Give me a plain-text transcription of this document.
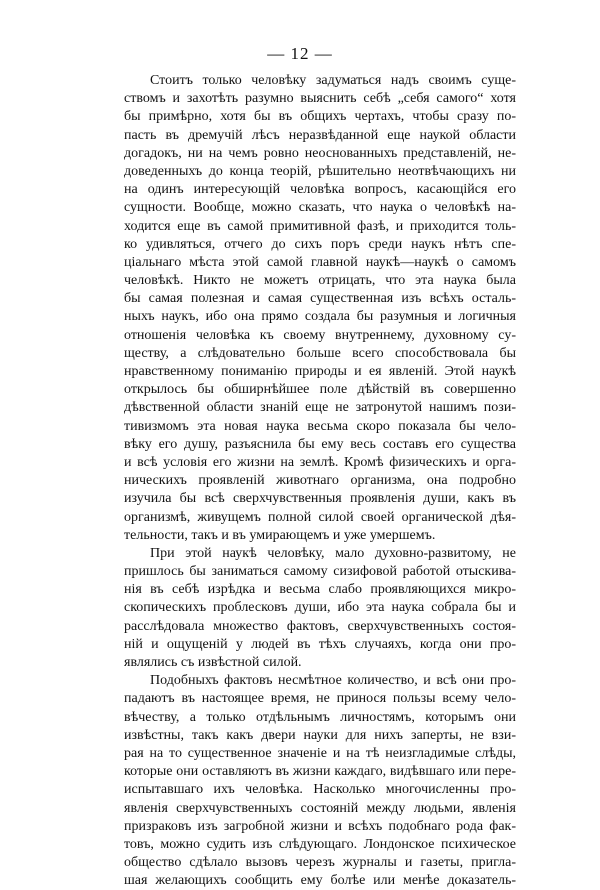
— 12 —
Стоитъ только человѣку задуматься надъ своимъ суще-
ствомъ и захотѣть разумно выяснить себѣ „себя самого“ хотя
бы примѣрно, хотя бы въ общихъ чертахъ, чтобы сразу по-
пасть въ дремучій лѣсъ неразвѣданной еще наукой области
догадокъ, ни на чемъ ровно неоснованныхъ представленій, не-
доведенныхъ до конца теорій, рѣшительно неотвѣчающихъ ни
на одинъ интересующій человѣка вопросъ, касающійся его
сущности. Вообще, можно сказать, что наука о человѣкѣ на-
ходится еще въ самой примитивной фазѣ, и приходится толь-
ко удивляться, отчего до сихъ поръ среди наукъ нѣтъ спе-
ціальнаго мѣста этой самой главной наукѣ—наукѣ о самомъ
человѣкѣ. Никто не можетъ отрицать, что эта наука была
бы самая полезная и самая существенная изъ всѣхъ осталь-
ныхъ наукъ, ибо она прямо создала бы разумныя и логичныя
отношенія человѣка къ своему внутреннему, духовному су-
ществу, а слѣдовательно больше всего способствовала бы
нравственному пониманію природы и ея явленій. Этой наукѣ
открылось бы обширнѣйшее поле дѣйствій въ совершенно
дѣвственной области знаній еще не затронутой нашимъ пози-
тивизмомъ эта новая наука весьма скоро показала бы чело-
вѣку его душу, разъяснила бы ему весь составъ его существа
и всѣ условія его жизни на землѣ. Кромѣ физическихъ и орга-
ническихъ проявленій животнаго организма, она подробно
изучила бы всѣ сверхчувственныя проявленія души, какъ въ
организмѣ, живущемъ полной силой своей органической дѣя-
тельности, такъ и въ умирающемъ и уже умершемъ.
При этой наукѣ человѣку, мало духовно-развитому, не
пришлось бы заниматься самому сизифовой работой отыскива-
нія въ себѣ изрѣдка и весьма слабо проявляющихся микро-
скопическихъ проблесковъ души, ибо эта наука собрала бы и
расслѣдовала множество фактовъ, сверхчувственныхъ состоя-
ній и ощущеній у людей въ тѣхъ случаяхъ, когда они про-
являлись съ извѣстной силой.
Подобныхъ фактовъ несмѣтное количество, и всѣ они про-
падаютъ въ настоящее время, не принося пользы всему чело-
вѣчеству, а только отдѣльнымъ личностямъ, которымъ они
извѣстны, такъ какъ двери науки для нихъ заперты, не взи-
рая на то существенное значеніе и на тѣ неизгладимые слѣды,
которые они оставляютъ въ жизни каждаго, видѣвшаго или пере-
испытавшаго ихъ человѣка. Насколько многочисленны про-
явленія сверхчувственныхъ состояній между людьми, явленія
призраковъ изъ загробной жизни и всѣхъ подобнаго рода фак-
товъ, можно судить изъ слѣдующаго. Лондонское психическое
общество сдѣлало вызовъ черезъ журналы и газеты, пригла-
шая желающихъ сообщить ему болѣе или менѣе доказатель-
